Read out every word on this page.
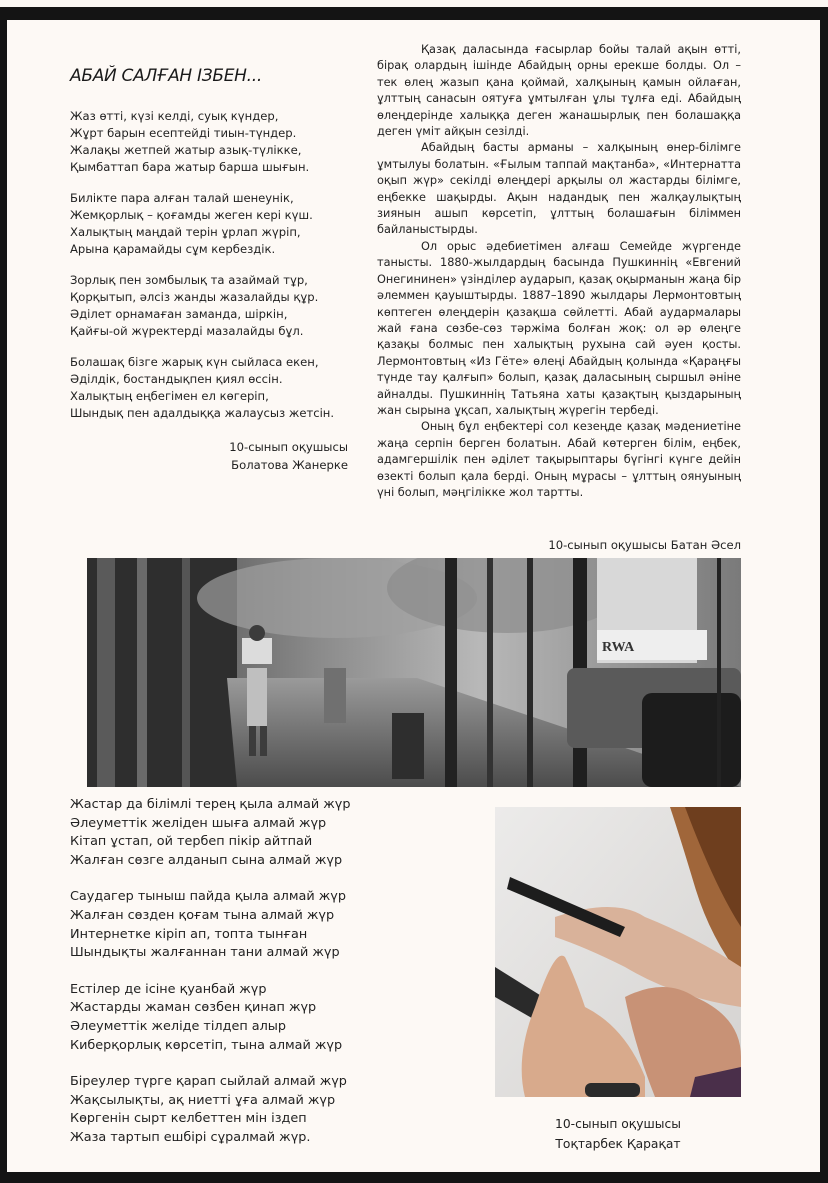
АБАЙ САЛҒАН ІЗБЕН...
Жаз өтті, күзі келді, суық күндер,
Жұрт барын есептейді тиын-түндер.
Жалақы жетпей жатыр азық-түлікке,
Қымбаттап бара жатыр барша шығын.
Билікте пара алған талай шенеунік,
Жемқорлық – қоғамды жеген кері күш.
Халықтың маңдай терін ұрлап жүріп,
Арына қарамайды сұм кербездік.
Зорлық пен зомбылық та азаймай тұр,
Қорқытып, әлсіз жанды жазалайды құр.
Әділет орнамаған заманда, шіркін,
Қайғы-ой жүректерді мазалайды бұл.
Болашақ бізге жарық күн сыйласа екен,
Әділдік, бостандықпен қиял өссін.
Халықтың еңбегімен ел көгеріп,
Шындық пен адалдыққа жалаусыз жетсін.
10-сынып оқушысы
Болатова Жанерке

Қазақ даласында ғасырлар бойы талай ақын өтті, бірақ олардың ішінде Абайдың орны ерекше болды. Ол – тек өлең жазып қана қоймай, халқының қамын ойлаған, ұлттың санасын оятуға ұмтылған ұлы тұлға еді. Абайдың өлеңдерінде халыққа деген жанашырлық пен болашаққа деген үміт айқын сезілді.

Абайдың басты арманы – халқының өнер-білімге ұмтылуы болатын. «Ғылым таппай мақтанба», «Интернатта оқып жүр» секілді өлеңдері арқылы ол жастарды білімге, еңбекке шақырды. Ақын надандық пен жалқаулықтың зиянын ашып көрсетіп, ұлттың болашағын біліммен байланыстырды.

Ол орыс әдебиетімен алғаш Семейде жүргенде танысты. 1880-жылдардың басында Пушкиннің «Евгений Онегининен» үзінділер аударып, қазақ оқырманын жаңа бір әлеммен қауыштырды. 1887–1890 жылдары Лермонтовтың көптеген өлеңдерін қазақша сөйлетті. Абай аудармалары жай ғана сөзбе-сөз тәржіма болған жоқ: ол әр өлеңге қазақы болмыс пен халықтың рухына сай әуен қосты. Лермонтовтың «Из Гёте» өлеңі Абайдың қолында «Қараңғы түнде тау қалғып» болып, қазақ даласының сыршыл әніне айналды. Пушкиннің Татьяна хаты қазақтың қыздарының жан сырына ұқсап, халықтың жүрегін тербеді.

Оның бұл еңбектері сол кезеңде қазақ мәдениетіне жаңа серпін берген болатын. Абай көтерген білім, еңбек, адамгершілік пен әділет тақырыптары бүгінгі күнге дейін өзекті болып қала берді. Оның мұрасы – ұлттың оянуының үні болып, мәңгілікке жол тартты.

10-сынып оқушысы Батан Әсел
RWA
Жастар да білімлі терең қыла алмай жүр
Әлеуметтік желіден шыға алмай жүр
Кітап ұстап, ой тербеп пікір айтпай
Жалған сөзге алданып сына алмай жүр
Саудагер тыныш пайда қыла алмай жүр
Жалған сөзден қоғам тына алмай жүр
Интернетке кіріп ап, топта тынған
Шындықты жалғаннан тани алмай жүр
Естілер де ісіне қуанбай жүр
Жастарды жаман сөзбен қинап жүр
Әлеуметтік желіде тілдеп алыр
Киберқорлық көрсетіп, тына алмай жүр
Біреулер түрге қарап сыйлай алмай жүр
Жақсылықты, ақ ниетті ұға алмай жүр
Көргенін сырт келбеттен мін іздеп
Жаза тартып ешбірі сұралмай жүр.
10-сынып оқушысы
Тоқтарбек Қарақат
